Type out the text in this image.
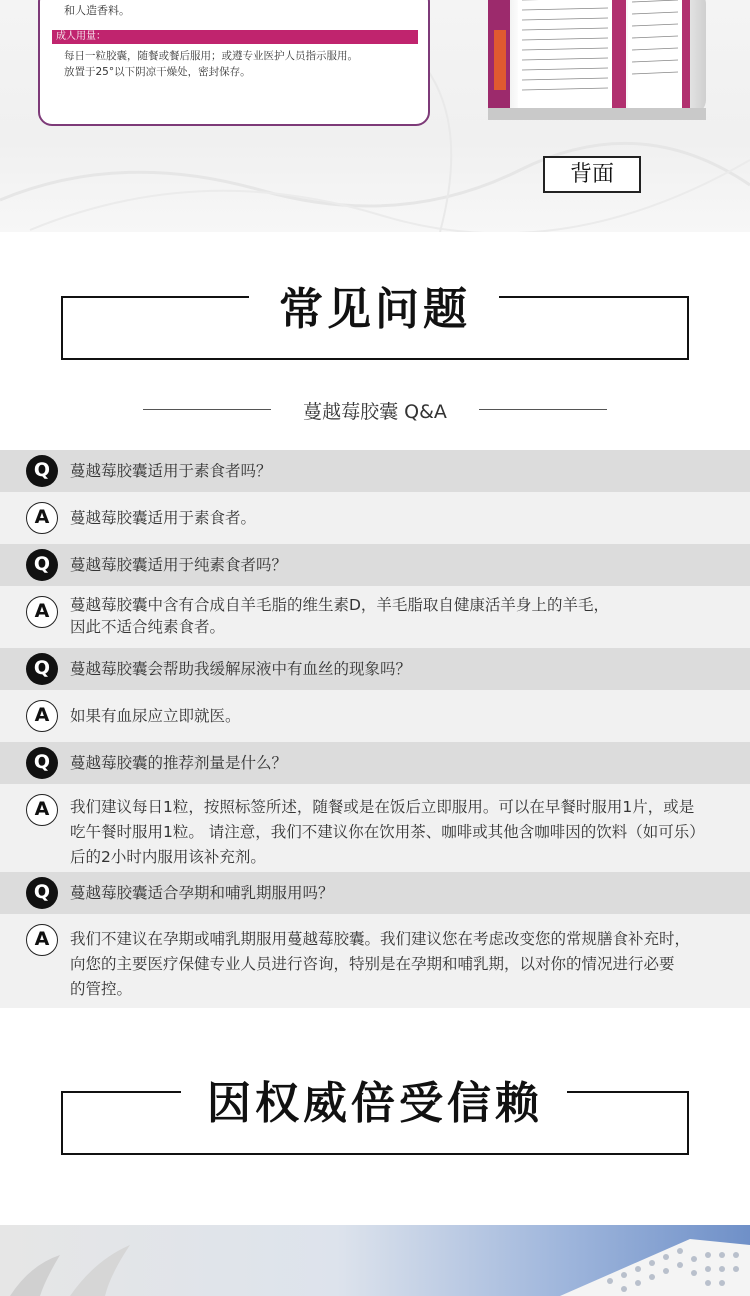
和人造香料。
成人用量：
每日一粒胶囊，随餐或餐后服用；或遵专业医护人员指示服用。
放置于25°以下阴凉干燥处，密封保存。
背面
常见问题
蔓越莓胶囊 Q&A
Q	蔓越莓胶囊适用于素食者吗？
A	蔓越莓胶囊适用于素食者。
Q	蔓越莓胶囊适用于纯素食者吗？
A	蔓越莓胶囊中含有合成自羊毛脂的维生素D，羊毛脂取自健康活羊身上的羊毛，
因此不适合纯素食者。
Q	蔓越莓胶囊会帮助我缓解尿液中有血丝的现象吗？
A	如果有血尿应立即就医。
Q	蔓越莓胶囊的推荐剂量是什么？
A	我们建议每日1粒，按照标签所述，随餐或是在饭后立即服用。可以在早餐时服用1片，或是
吃午餐时服用1粒。 请注意，我们不建议你在饮用茶、咖啡或其他含咖啡因的饮料（如可乐）
后的2小时内服用该补充剂。
Q	蔓越莓胶囊适合孕期和哺乳期服用吗？
A	我们不建议在孕期或哺乳期服用蔓越莓胶囊。我们建议您在考虑改变您的常规膳食补充时，
向您的主要医疗保健专业人员进行咨询，特别是在孕期和哺乳期，以对你的情况进行必要
的管控。
因权威倍受信赖
